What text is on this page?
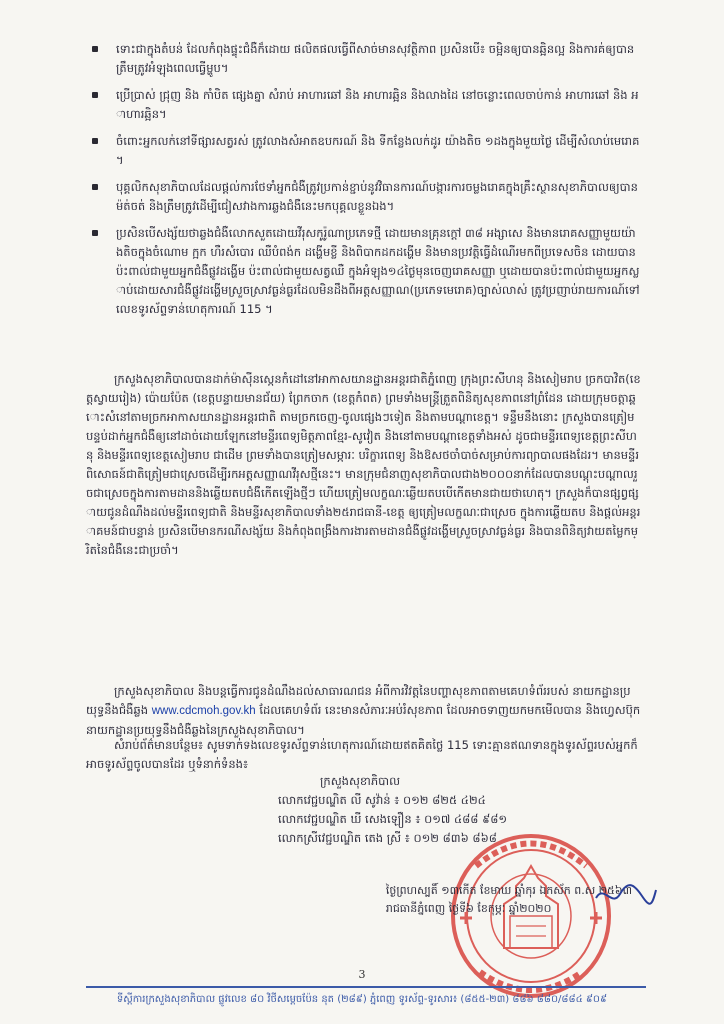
ទោះជាក្នុងតំបន់ ដែលកំពុងផ្ទុះជំងឺក៏ដោយ ផលិតផលធ្វើពីសាច់មានសុវត្ថិភាព ប្រសិនបើ៖ ចម្អិនឲ្យបានឆ្អិនល្អ និងការគ់ឲ្យបានត្រឹមត្រូវអំឡុងពេលធ្វើម្ហូប។
ប្រើប្រាស់ ជ្រុញ និង កាំបិត ផ្សេងគ្នា សំរាប់ អាហារឆៅ និង អាហារឆ្អិន និងលាងដៃ នៅចន្លោះពេលចាប់កាន់ អាហារឆៅ និង អាហារឆ្អិន។
ចំពោះអ្នកលក់នៅទីផ្សារសត្វរស់ ត្រូវលាងសំអាតឧបករណ៍ និង ទីកន្លែងលក់ដូរ យ៉ាងតិច ១ដងក្នុងមួយថ្ងៃ ដើម្បីសំលាប់មេរោគ ។
បុគ្គលិកសុខាភិបាលដែលផ្ដល់ការថែទាំអ្នកជំងឺត្រូវប្រកាន់ខ្ជាប់នូវវិធានការណ៍បង្ការការចម្លងរោគក្នុងគ្រឹះស្ថានសុខាភិបាលឲ្យបានម៉ត់ចត់ និងត្រឹមត្រូវដើម្បីជៀសវាងការឆ្លងជំងឺនេះមកបុគ្គលខ្លួនឯង។
ប្រសិនបើសង្ស័យថាឆ្លងជំងឺលោកសួតដោយវីរុសកូរ៉ូណាប្រភេទថ្មី ដោយមានគ្រុនក្ដៅ ៣៨ អង្សាសេ និងមានរោគសញ្ញាមួយយ៉ាងតិចក្នុងចំណោម ក្អក ហឺរសំបោរ ឈឺបំពង់ក ដង្ហើមខ្លី និងពិបាកដកដង្ហើម និងមានប្រវត្តិធ្វើដំណើរមកពីប្រទេសចិន ដោយបានប៉ះពាល់ជាមួយអ្នកជំងឺផ្លូវដង្ហើម ប៉ះពាល់ជាមួយសត្វឈឺ ក្នុងអំឡុង១៤ថ្ងៃមុនចេញរោគសញ្ញា ឬដោយបានប៉ះពាល់ជាមួយអ្នកស្លាប់ដោយសារជំងឺផ្លូវដង្ហើមស្រួចស្រាវធ្ងន់ធ្ងរដែលមិនដឹងពីអត្តសញ្ញាណ(ប្រភេទមេរោគ)ច្បាស់លាស់ ត្រូវប្រញាប់រាយការណ៍ទៅលេខទូរស័ព្ទទាន់ហេតុការណ៍ 115 ។
ក្រសួងសុខាភិបាលបានដាក់ម៉ាស៊ីនស្កេនកំដៅនៅអាកាសយានដ្ឋានអន្តរជាតិភ្នំពេញ ក្រុងព្រះសីហនុ និងសៀមរាប ច្រកបាវិត(ខេត្តស្វាយរៀង) ប៉ោយប៉ែត (ខេត្តបន្ទាយមានជ័យ) ព្រែកចាក (ខេត្តកំពត) ព្រមទាំងមន្ត្រីត្រួតពិនិត្យសុខភាពនៅព្រំដែន ដោយក្រុមចត្តាឆ្ពោះសំនៅតាមច្រកអាកាសយានដ្ឋានអន្តរជាតិ តាមច្រកចេញ-ចូលផ្សេងៗទៀត និងតាមបណ្ដាខេត្ត។ ទន្ទឹមនឹងនោះ ក្រសួងបានត្រៀមបន្ទប់ដាក់អ្នកជំងឺឲ្យនៅដាច់ដោយឡែកនៅមន្ទីរពេទ្យមិត្តភាពខ្មែរ-សូវៀត និងនៅតាមបណ្ដាខេត្តទាំងអស់ ដូចជាមន្ទីរពេទ្យខេត្តព្រះសីហនុ និងមន្ទីរពេទ្យខេត្តសៀមរាប ជាដើម ព្រមទាំងបានត្រៀមសម្ភារៈ បរិក្ខារពេទ្យ និងឱសថចាំបាច់សម្រាប់ការព្យាបាលផងដែរ។ មានមន្ទីរពិសោធន៍ជាតិត្រៀមជាស្រេចដើម្បីរកអត្តសញ្ញាណវីរុសថ្មីនេះ។ មានក្រុមជំនាញសុខាភិបាលជាង២០០០នាក់ដែលបានបណ្ដុះបណ្ដាលរួចជាស្រេចក្នុងការតាមដាននិងឆ្លើយតបជំងឺកើតឡើងថ្មីៗ ហើយត្រៀមលក្ខណៈឆ្លើយតបបើកើតមានជាយថាហេតុ។ ក្រសួងក៏បានផ្សព្វផ្សាយជូនដំណឹងដល់មន្ទីរពេទ្យជាតិ និងមន្ទីរសុខាភិបាលទាំង២៥រាជធានី-ខេត្ត ឲ្យត្រៀមលក្ខណៈជាស្រេច ក្នុងការឆ្លើយតប និងផ្ដល់អន្តរាគមន៍ជាបន្ទាន់ ប្រសិនបើមានករណីសង្ស័យ និងកំពុងពង្រឹងការងារតាមដានជំងឺផ្លូវដង្ហើមស្រួចស្រាវធ្ងន់ធ្ងរ និងបានពិនិត្យវាយតម្លៃកម្រិតនៃជំងឺនេះជាប្រចាំ។
ក្រសួងសុខាភិបាល និងបន្តធ្វើការជូនដំណឹងដល់សាធារណជន អំពីការវិវត្តនៃបញ្ហាសុខភាពតាមគេហទំព័ររបស់ នាយកដ្ឋានប្រយុទ្ធនឹងជំងឺឆ្លង www.cdcmoh.gov.kh ដែលគេហទំព័រ នេះមានសំភារៈអប់រំសុខភាព ដែលអាចទាញយកមកមើលបាន និងហ្វេសប៊ុកនាយកដ្ឋានប្រយុទ្ធនឹងជំងឺឆ្លងនៃក្រសួងសុខាភិបាល។
សំរាប់ព័ត៌មានបន្ថែម៖ សូមទាក់ទងលេខទូរស័ព្ទទាន់ហេតុការណ៍ដោយឥតគិតថ្លៃ 115 ទោះគ្មានឥណទានក្នុងទូរស័ព្ទរបស់អ្នកក៏អាចទូរស័ព្ទចូលបានដែរ ឬទំនាក់ទំនង៖
ក្រសួងសុខាភិបាល
លោកវេជ្ជបណ្ឌិត លី សូវ៉ាន់ ៖ ០១២ ៨២៥ ៤២៤
លោកវេជ្ជបណ្ឌិត ឃី សេងឡឿន ៖ ០១៧ ៤៨៨ ៩៨១
លោកស្រីវេជ្ជបណ្ឌិត តេង ស្រី ៖ ០១២ ៨៣៦ ៨៦៨
ថ្ងៃព្រហស្បតិ៍ ១៣កើត ខែមាឃ ឆ្នាំកុរ ឯកស័ក ព.ស ២៥៦៣
រាជធានីភ្នំពេញ ថ្ងៃទី៦ ខែកុម្ភៈ ឆ្នាំ២០២០
3
ទីស្ដីការក្រសួងសុខាភិបាល ផ្លូវលេខ ៨០ វិថីសម្ដេចប៉ែន នុត (២៨៩) ភ្នំពេញ ទូរស័ព្ទ-ទូរសារ៖ (៨៥៥-២៣) ៨៨៦ ៨៨០/៨៨៤ ៩០៩
